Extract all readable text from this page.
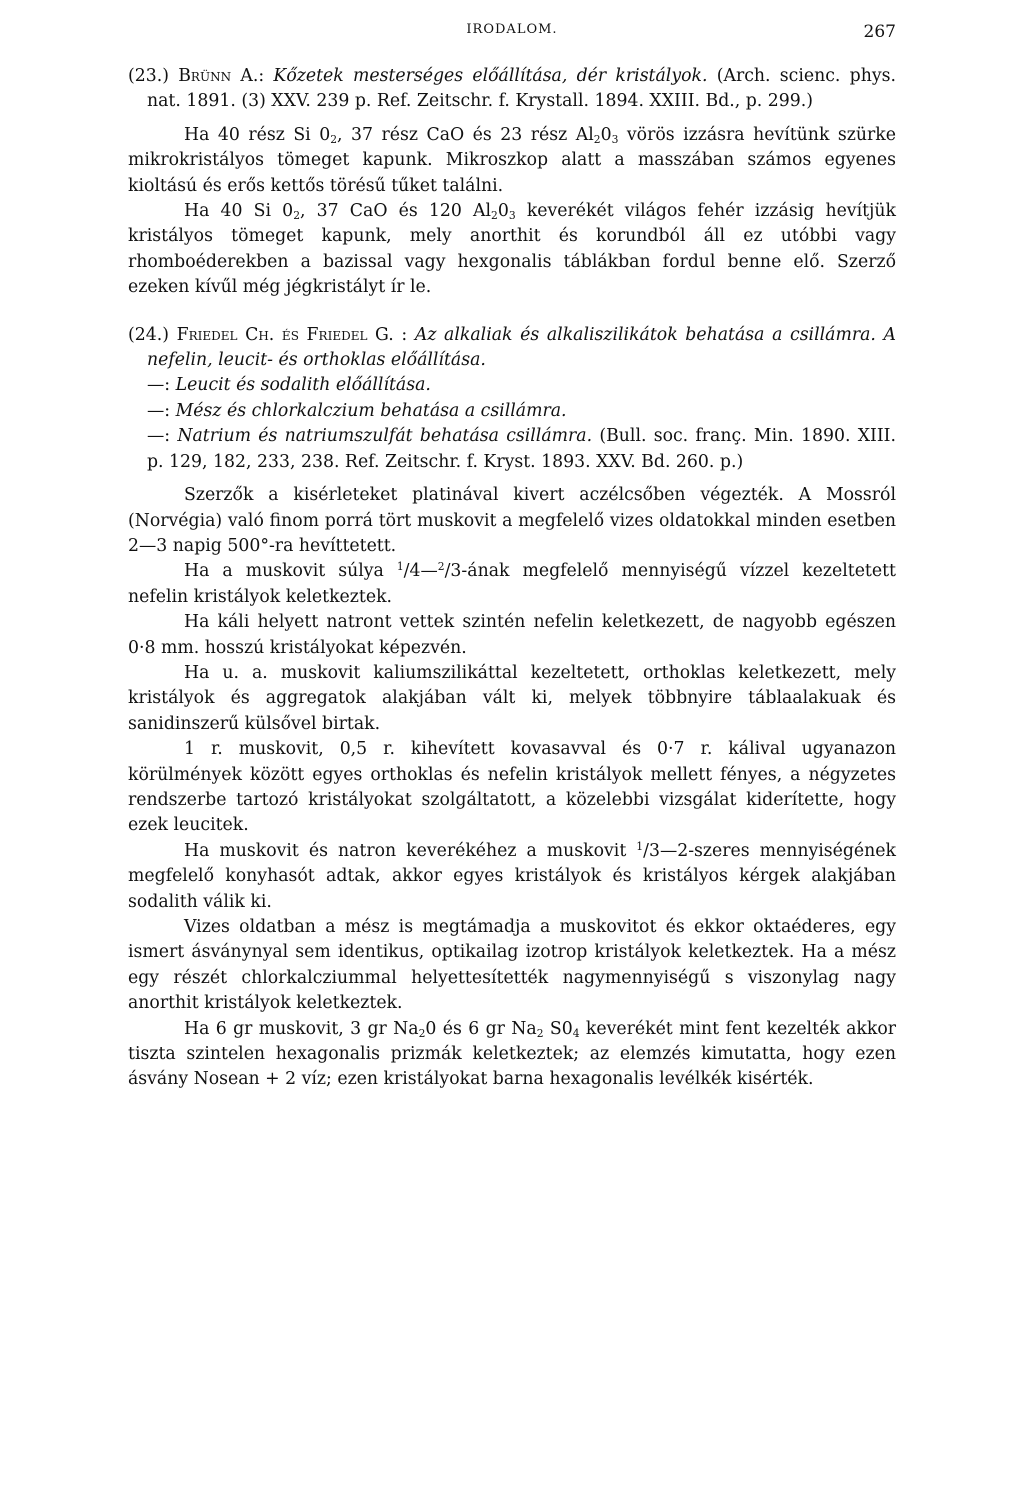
IRODALOM.	267

(23.) Brünn A.: Kőzetek mesterséges előállítása, dér kristályok. (Arch. scienc. phys. nat. 1891. (3) XXV. 239 p. Ref. Zeitschr. f. Krystall. 1894. XXIII. Bd., p. 299.)

Ha 40 rész Si $0_2$, 37 rész CaO és 23 rész $Al_20_3$ vörös izzásra hevítünk szürke mikrokristályos tömeget kapunk. Mikroszkop alatt a masszában számos egyenes kioltású és erős kettős törésű tűket találni.

Ha 40 Si $0_2$, 37 CaO és 120 $Al_20_3$ keverékét világos fehér izzásig hevítjük kristályos tömeget kapunk, mely anorthit és korundból áll ez utóbbi vagy rhomboéderekben a bazissal vagy hexgonalis táblákban fordul benne elő. Szerző ezeken kívűl még jégkristályt ír le.

(24.) Friedel Ch. és Friedel G. : Az alkaliak és alkaliszilikátok behatása a csillámra. A nefelin, leucit- és orthoklas előállítása.
—: Leucit és sodalith előállítása.
—: Mész és chlorkalczium behatása a csillámra.
—: Natrium és natriumszulfát behatása csillámra. (Bull. soc. franç. Min. 1890. XIII. p. 129, 182, 233, 238. Ref. Zeitschr. f. Kryst. 1893. XXV. Bd. 260. p.)

Szerzők a kisérleteket platinával kivert aczélcsőben végezték. A Mossról (Norvégia) való finom porrá tört muskovit a megfelelő vizes oldatokkal minden esetben 2—3 napig 500°-ra hevíttetett.

Ha a muskovit súlya $^1$/4—$^2$/3-ának megfelelő mennyiségű vízzel kezeltetett nefelin kristályok keletkeztek.

Ha káli helyett natront vettek szintén nefelin keletkezett, de nagyobb egészen 0·8 mm. hosszú kristályokat képezvén.

Ha u. a. muskovit kaliumszilikáttal kezeltetett, orthoklas keletkezett, mely kristályok és aggregatok alakjában vált ki, melyek többnyire táblaalakuak és sanidinszerű külsővel birtak.

1 r. muskovit, 0,5 r. kihevített kovasavval és 0·7 r. kálival ugyanazon körülmények között egyes orthoklas és nefelin kristályok mellett fényes, a négyzetes rendszerbe tartozó kristályokat szolgáltatott, a közelebbi vizsgálat kiderítette, hogy ezek leucitek.

Ha muskovit és natron keverékéhez a muskovit $^1$/3—2-szeres mennyiségének megfelelő konyhasót adtak, akkor egyes kristályok és kristályos kérgek alakjában sodalith válik ki.

Vizes oldatban a mész is megtámadja a muskovitot és ekkor oktaéderes, egy ismert ásványnyal sem identikus, optikailag izotrop kristályok keletkeztek. Ha a mész egy részét chlorkalcziummal helyettesítették nagymennyiségű s viszonylag nagy anorthit kristályok keletkeztek.

Ha 6 gr muskovit, 3 gr $Na_20$ és 6 gr $Na_2$ $S0_4$ keverékét mint fent kezelték akkor tiszta szintelen hexagonalis prizmák keletkeztek; az elemzés kimutatta, hogy ezen ásvány Nosean + 2 víz; ezen kristályokat barna hexagonalis levélkék kisérték.
